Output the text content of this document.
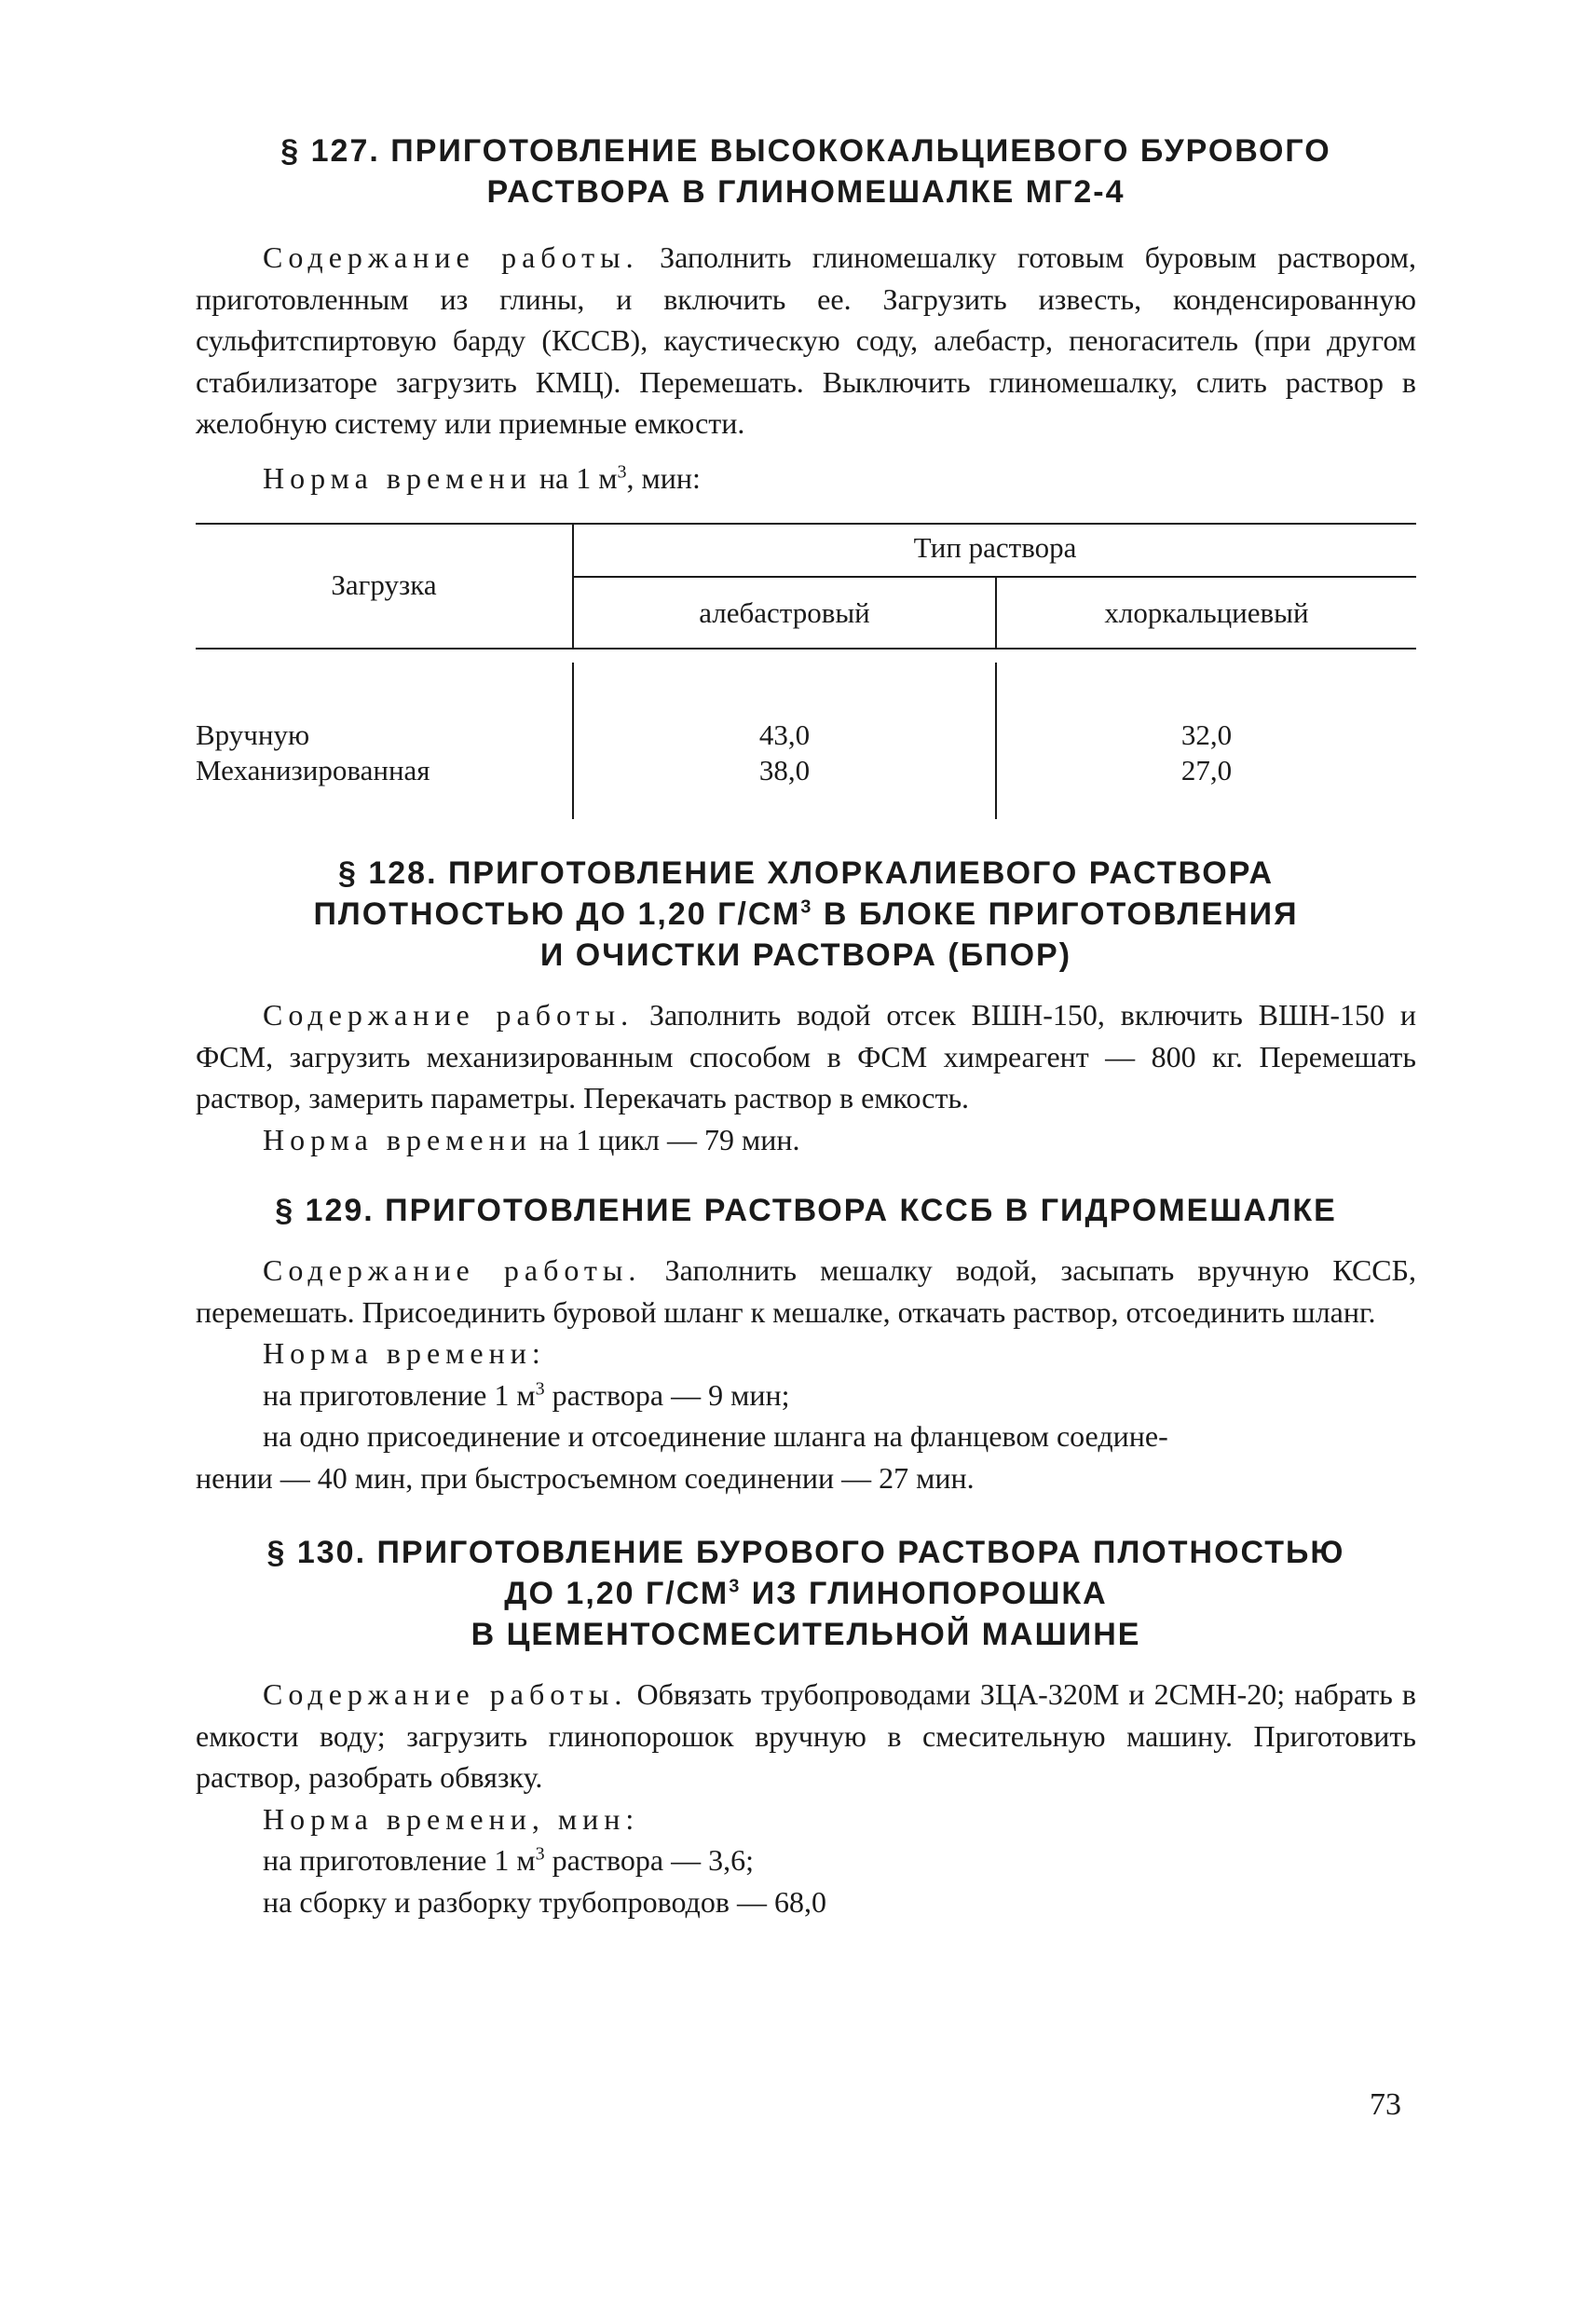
§ 127. ПРИГОТОВЛЕНИЕ ВЫСОКОКАЛЬЦИЕВОГО БУРОВОГО
РАСТВОРА В ГЛИНОМЕШАЛКЕ МГ2-4

Содержание работы. Заполнить глиномешалку готовым буровым раствором, приготовленным из глины, и включить ее. Загрузить известь, конденсированную сульфитспиртовую барду (КССВ), каустическую соду, алебастр, пеногаситель (при другом стабилизаторе загрузить КМЦ). Перемешать. Выключить глиномешалку, слить раствор в желобную систему или приемные емкости.

Норма времени на 1 $м^3$, мин:

Загрузка
Тип раствора
алебастровый	хлоркальциевый
Вручную
Механизированная
43,0
38,0
32,0
27,0
§ 128. ПРИГОТОВЛЕНИЕ ХЛОРКАЛИЕВОГО РАСТВОРА
ПЛОТНОСТЬЮ ДО 1,20 $Г/СМ^3$ В БЛОКЕ ПРИГОТОВЛЕНИЯ
И ОЧИСТКИ РАСТВОРА (БПОР)

Содержание работы. Заполнить водой отсек ВШН-150, включить ВШН-150 и ФСМ, загрузить механизированным способом в ФСМ химреагент — 800 кг. Перемешать раствор, замерить параметры. Перекачать раствор в емкость.

Норма времени на 1 цикл — 79 мин.

§ 129. ПРИГОТОВЛЕНИЕ РАСТВОРА КССБ В ГИДРОМЕШАЛКЕ

Содержание работы. Заполнить мешалку водой, засыпать вручную КССБ, перемешать. Присоединить буровой шланг к мешалке, откачать раствор, отсоединить шланг.

Норма времени:

на приготовление 1 $м^3$ раствора — 9 мин;

на одно присоединение и отсоединение шланга на фланцевом соедине-

нении — 40 мин, при быстросъемном соединении — 27 мин.

§ 130. ПРИГОТОВЛЕНИЕ БУРОВОГО РАСТВОРА ПЛОТНОСТЬЮ
ДО 1,20 $Г/СМ^3$ ИЗ ГЛИНОПОРОШКА
В ЦЕМЕНТОСМЕСИТЕЛЬНОЙ МАШИНЕ

Содержание работы. Обвязать трубопроводами ЗЦА-320М и 2СМН-20; набрать в емкости воду; загрузить глинопорошок вручную в смесительную машину. Приготовить раствор, разобрать обвязку.

Норма времени, мин:

на приготовление 1 $м^3$ раствора — 3,6;

на сборку и разборку трубопроводов — 68,0

73
